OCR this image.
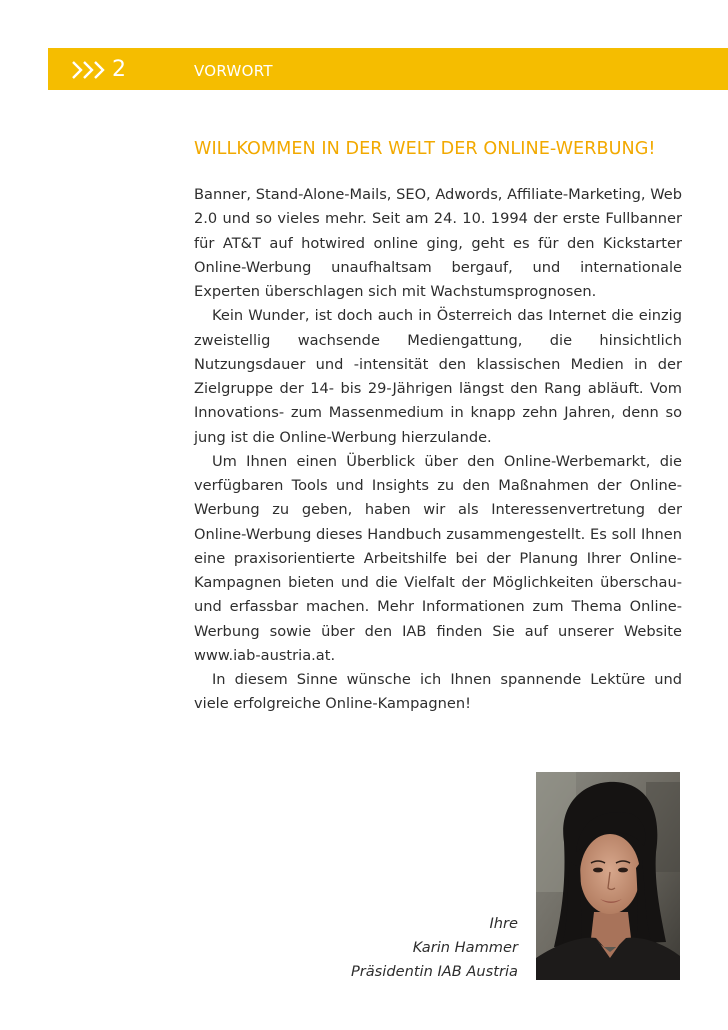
2	VORWORT
WILLKOMMEN IN DER WELT DER ONLINE-WERBUNG!

Banner, Stand-Alone-Mails, SEO, Adwords, Affiliate-Marketing, Web 2.0 und so vieles mehr. Seit am 24. 10. 1994 der erste Fullbanner für AT&T auf hotwired online ging, geht es für den Kickstarter Online-Werbung unaufhaltsam bergauf, und internationale Experten überschlagen sich mit Wachstumsprognosen.

Kein Wunder, ist doch auch in Österreich das Internet die einzig zweistellig wachsende Mediengattung, die hinsichtlich Nutzungsdauer und -intensität den klassischen Medien in der Zielgruppe der 14- bis 29-Jährigen längst den Rang abläuft. Vom Innovations- zum Massenmedium in knapp zehn Jahren, denn so jung ist die Online-Werbung hierzulande.

Um Ihnen einen Überblick über den Online-Werbemarkt, die verfügbaren Tools und Insights zu den Maßnahmen der Online-Werbung zu geben, haben wir als Interessenvertretung der Online-Werbung dieses Handbuch zusammengestellt. Es soll Ihnen eine praxisorientierte Arbeitshilfe bei der Planung Ihrer Online-Kampagnen bieten und die Vielfalt der Möglichkeiten überschau- und erfassbar machen. Mehr Informationen zum Thema Online-Werbung sowie über den IAB finden Sie auf unserer Website www.iab-austria.at.

In diesem Sinne wünsche ich Ihnen spannende Lektüre und viele erfolgreiche Online-Kampagnen!

Ihre
Karin Hammer
Präsidentin IAB Austria
